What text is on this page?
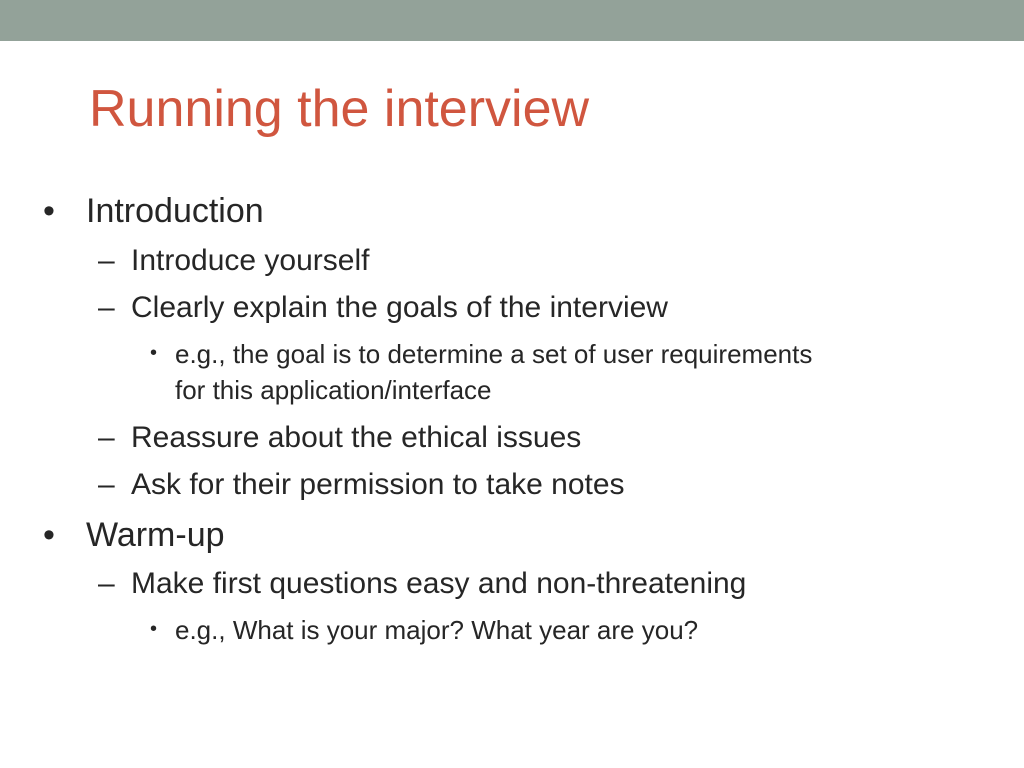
Running the interview
• Introduction
– Introduce yourself
– Clearly explain the goals of the interview
• e.g., the goal is to determine a set of user requirements
for this application/interface
– Reassure about the ethical issues
– Ask for their permission to take notes
• Warm-up
– Make first questions easy and non-threatening
• e.g., What is your major? What year are you?
